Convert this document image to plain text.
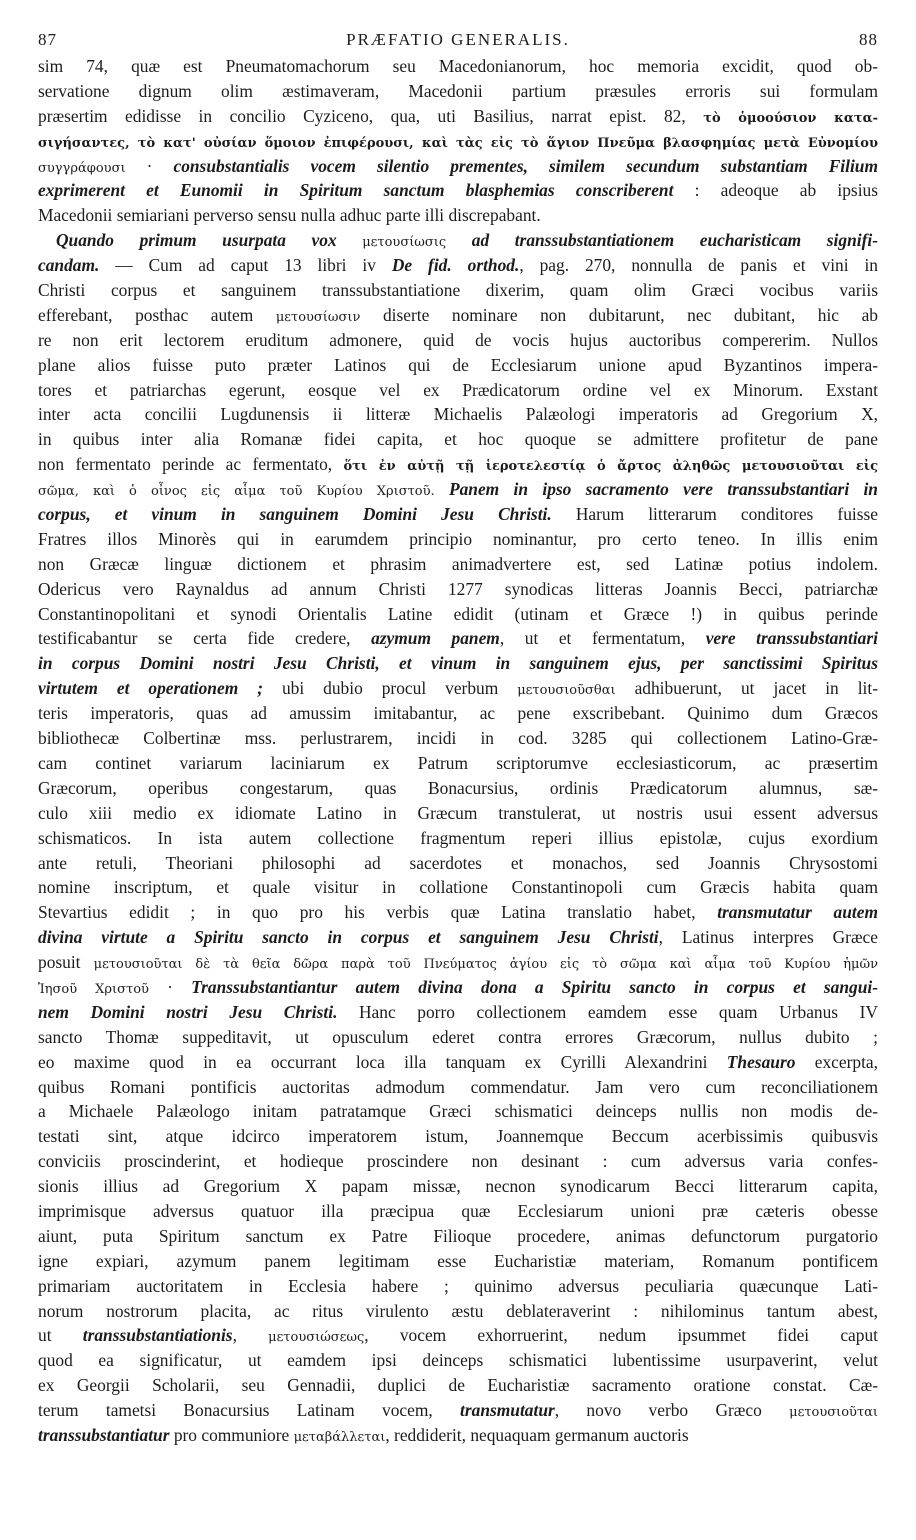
87	PRÆFATIO GENERALIS.	88
sim 74, quæ est Pneumatomachorum seu Macedonianorum, hoc memoria excidit, quod ob-
servatione dignum olim æstimaveram, Macedonii partium præsules erroris sui formulam
præsertim edidisse in concilio Cyziceno, qua, uti Basilius, narrat epist. 82, τὸ ὁμοούσιον κατα-
σιγήσαντες, τὸ κατ' οὐσίαν ὅμοιον ἐπιφέρουσι, καὶ τὰς εἰς τὸ ἅγιον Πνεῦμα βλασφημίας μετὰ Εὐνομίου
συγγράφουσι · consubstantialis vocem silentio prementes, similem secundum substantiam Filium
exprimerent et Eunomii in Spiritum sanctum blasphemias conscriberent : adeoque ab ipsius
Macedonii semiariani perverso sensu nulla adhuc parte illi discrepabant.
Quando primum usurpata vox μετουσίωσις ad transsubstantiationem eucharisticam signifi-
candam. — Cum ad caput 13 libri iv De fid. orthod., pag. 270, nonnulla de panis et vini in
Christi corpus et sanguinem transsubstantiatione dixerim, quam olim Græci vocibus variis
efferebant, posthac autem μετουσίωσιν diserte nominare non dubitarunt, nec dubitant, hic ab
re non erit lectorem eruditum admonere, quid de vocis hujus auctoribus compererim. Nullos
plane alios fuisse puto præter Latinos qui de Ecclesiarum unione apud Byzantinos impera-
tores et patriarchas egerunt, eosque vel ex Prædicatorum ordine vel ex Minorum. Exstant
inter acta concilii Lugdunensis ii litteræ Michaelis Palæologi imperatoris ad Gregorium X,
in quibus inter alia Romanæ fidei capita, et hoc quoque se admittere profitetur de pane
non fermentato perinde ac fermentato, ὅτι ἐν αὐτῇ τῇ ἱεροτελεστίᾳ ὁ ἄρτος ἀληθῶς μετουσιοῦται εἰς
σῶμα, καὶ ὁ οἶνος εἰς αἷμα τοῦ Κυρίου Χριστοῦ. Panem in ipso sacramento vere transsubstantiari in
corpus, et vinum in sanguinem Domini Jesu Christi. Harum litterarum conditores fuisse
Fratres illos Minorès qui in earumdem principio nominantur, pro certo teneo. In illis enim
non Græcæ linguæ dictionem et phrasim animadvertere est, sed Latinæ potius indolem.
Odericus vero Raynaldus ad annum Christi 1277 synodicas litteras Joannis Becci, patriarchæ
Constantinopolitani et synodi Orientalis Latine edidit (utinam et Græce !) in quibus perinde
testificabantur se certa fide credere, azymum panem, ut et fermentatum, vere transsubstantiari
in corpus Domini nostri Jesu Christi, et vinum in sanguinem ejus, per sanctissimi Spiritus
virtutem et operationem ; ubi dubio procul verbum μετουσιοῦσθαι adhibuerunt, ut jacet in lit-
teris imperatoris, quas ad amussim imitabantur, ac pene exscribebant. Quinimo dum Græcos
bibliothecæ Colbertinæ mss. perlustrarem, incidi in cod. 3285 qui collectionem Latino-Græ-
cam continet variarum laciniarum ex Patrum scriptorumve ecclesiasticorum, ac præsertim
Græcorum, operibus congestarum, quas Bonacursius, ordinis Prædicatorum alumnus, sæ-
culo xiii medio ex idiomate Latino in Græcum transtulerat, ut nostris usui essent adversus
schismaticos. In ista autem collectione fragmentum reperi illius epistolæ, cujus exordium
ante retuli, Theoriani philosophi ad sacerdotes et monachos, sed Joannis Chrysostomi
nomine inscriptum, et quale visitur in collatione Constantinopoli cum Græcis habita quam
Stevartius edidit ; in quo pro his verbis quæ Latina translatio habet, transmutatur autem
divina virtute a Spiritu sancto in corpus et sanguinem Jesu Christi, Latinus interpres Græce
posuit μετουσιοῦται δὲ τὰ θεῖα δῶρα παρὰ τοῦ Πνεύματος ἁγίου εἰς τὸ σῶμα καὶ αἷμα τοῦ Κυρίου ἡμῶν
Ἰησοῦ Χριστοῦ · Transsubstantiantur autem divina dona a Spiritu sancto in corpus et sangui-
nem Domini nostri Jesu Christi. Hanc porro collectionem eamdem esse quam Urbanus IV
sancto Thomæ suppeditavit, ut opusculum ederet contra errores Græcorum, nullus dubito ;
eo maxime quod in ea occurrant loca illa tanquam ex Cyrilli Alexandrini Thesauro excerpta,
quibus Romani pontificis auctoritas admodum commendatur. Jam vero cum reconciliationem
a Michaele Palæologo initam patratamque Græci schismatici deinceps nullis non modis de-
testati sint, atque idcirco imperatorem istum, Joannemque Beccum acerbissimis quibusvis
conviciis proscinderint, et hodieque proscindere non desinant : cum adversus varia confes-
sionis illius ad Gregorium X papam missæ, necnon synodicarum Becci litterarum capita,
imprimisque adversus quatuor illa præcipua quæ Ecclesiarum unioni præ cæteris obesse
aiunt, puta Spiritum sanctum ex Patre Filioque procedere, animas defunctorum purgatorio
igne expiari, azymum panem legitimam esse Eucharistiæ materiam, Romanum pontificem
primariam auctoritatem in Ecclesia habere ; quinimo adversus peculiaria quæcunque Lati-
norum nostrorum placita, ac ritus virulento æstu deblateraverint : nihilominus tantum abest,
ut transsubstantiationis, μετουσιώσεως, vocem exhorruerint, nedum ipsummet fidei caput
quod ea significatur, ut eamdem ipsi deinceps schismatici lubentissime usurpaverint, velut
ex Georgii Scholarii, seu Gennadii, duplici de Eucharistiæ sacramento oratione constat. Cæ-
terum tametsi Bonacursius Latinam vocem, transmutatur, novo verbo Græco μετουσιοῦται
transsubstantiatur pro communiore μεταβάλλεται, reddiderit, nequaquam germanum auctoris
